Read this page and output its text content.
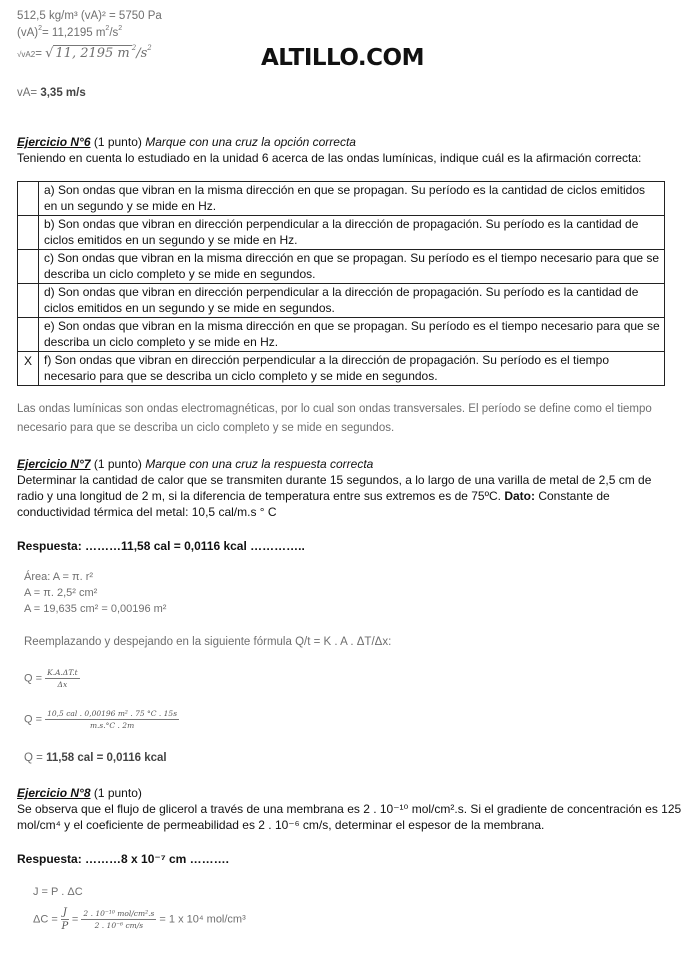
512,5 kg/m³ (vA)² = 5750 Pa
(vA)$^2$= 11,2195 $m^2/s^2$
√vA2= √ 11, 2195 m $^2/s^2$	ALTILLO.COM
vA= 3,35 m/s
Ejercicio N°6 (1 punto) Marque con una cruz la opción correcta
Teniendo en cuenta lo estudiado en la unidad 6 acerca de las ondas lumínicas, indique cuál es la afirmación correcta:
	a) Son ondas que vibran en la misma dirección en que se propagan. Su período es la cantidad de ciclos emitidos en un segundo y se mide en Hz.
	b) Son ondas que vibran en dirección perpendicular a la dirección de propagación. Su período es la cantidad de ciclos emitidos en un segundo y se mide en Hz.
	c) Son ondas que vibran en la misma dirección en que se propagan. Su período es el tiempo necesario para que se describa un ciclo completo y se mide en segundos.
	d) Son ondas que vibran en dirección perpendicular a la dirección de propagación. Su período es la cantidad de ciclos emitidos en un segundo y se mide en segundos.
	e) Son ondas que vibran en la misma dirección en que se propagan. Su período es el tiempo necesario para que se describa un ciclo completo y se mide en Hz.
X	f) Son ondas que vibran en dirección perpendicular a la dirección de propagación. Su período es el tiempo necesario para que se describa un ciclo completo y se mide en segundos.
Las ondas lumínicas son ondas electromagnéticas, por lo cual son ondas transversales. El período se define como el tiempo
necesario para que se describa un ciclo completo y se mide en segundos.
Ejercicio N°7 (1 punto) Marque con una cruz la respuesta correcta
Determinar la cantidad de calor que se transmiten durante 15 segundos, a lo largo de una varilla de metal de 2,5 cm de
radio y una longitud de 2 m, si la diferencia de temperatura entre sus extremos es de 75ºC. Dato: Constante de
conductividad térmica del metal: 10,5 cal/m.s ° C
Respuesta: ………11,58 cal = 0,0116 kcal …………..
Área: A = π. r²
A = π. 2,5² cm²
A = 19,635 cm² = 0,00196 m²
Reemplazando y despejando en la siguiente fórmula Q/t = K . A . ΔT/Δx:
$Q = \frac{K.A.\Delta T.t}{\Delta x}$
$Q = \frac{\text{10,5 cal . 0,00196 m² . 75 °C . 15s}}{m.s.^\circ C . 2m}$
Q = 11,58 cal = 0,0116 kcal
Ejercicio N°8 (1 punto)
Se observa que el flujo de glicerol a través de una membrana es 2 . 10⁻¹⁰ mol/cm².s. Si el gradiente de concentración es 125
mol/cm⁴ y el coeficiente de permeabilidad es 2 . 10⁻⁶ cm/s, determinar el espesor de la membrana.
Respuesta: ………8 x 10⁻⁷ cm ……….
J = P . ΔC
$\Delta C = \frac{J}{P} = \frac{\text{2 . 10⁻¹⁰ mol/cm².s}}{\text{2 . 10⁻⁶ cm/s}} = 1$ x 10⁴ mol/cm³
